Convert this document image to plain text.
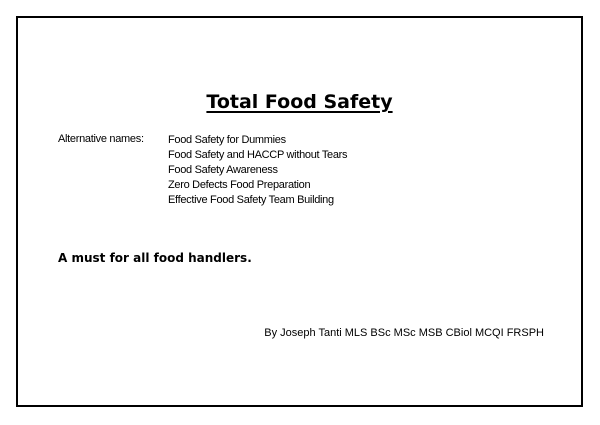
Total Food Safety
Alternative names: Food Safety for Dummies
Food Safety and HACCP without Tears
Food Safety Awareness
Zero Defects Food Preparation
Effective Food Safety Team Building
A must for all food handlers.
By Joseph Tanti MLS BSc MSc MSB CBiol MCQI FRSPH
